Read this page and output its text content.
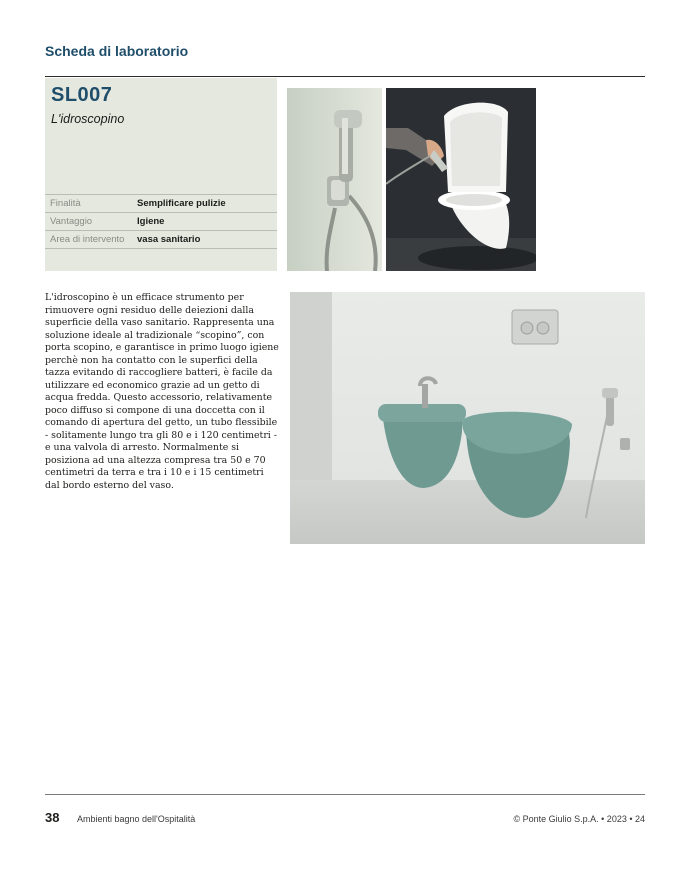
Scheda di laboratorio
SL007
L'idroscopino
Finalità	Semplificare pulizie
Vantaggio	Igiene
Area di intervento	vasa sanitario
L'idroscopino è un efficace strumento per rimuovere ogni residuo delle deiezioni dalla superficie della vaso sanitario. Rappresenta una soluzione ideale al tradizionale “scopino”, con porta scopino, e garantisce in primo luogo igiene perchè non ha contatto con le superfici della tazza evitando di raccogliere batteri, è facile da utilizzare ed economico grazie ad un getto di acqua fredda. Questo accessorio, relativamente poco diffuso si compone di una doccetta con il comando di apertura del getto, un tubo flessibile - solitamente lungo tra gli 80 e i 120 centimetri - e una valvola di arresto. Normalmente si posiziona ad una altezza compresa tra 50 e 70 centimetri da terra e tra i 10 e i 15 centimetri dal bordo esterno del vaso.
38 Ambienti bagno dell'Ospitalità	© Ponte Giulio S.p.A. • 2023 • 24
